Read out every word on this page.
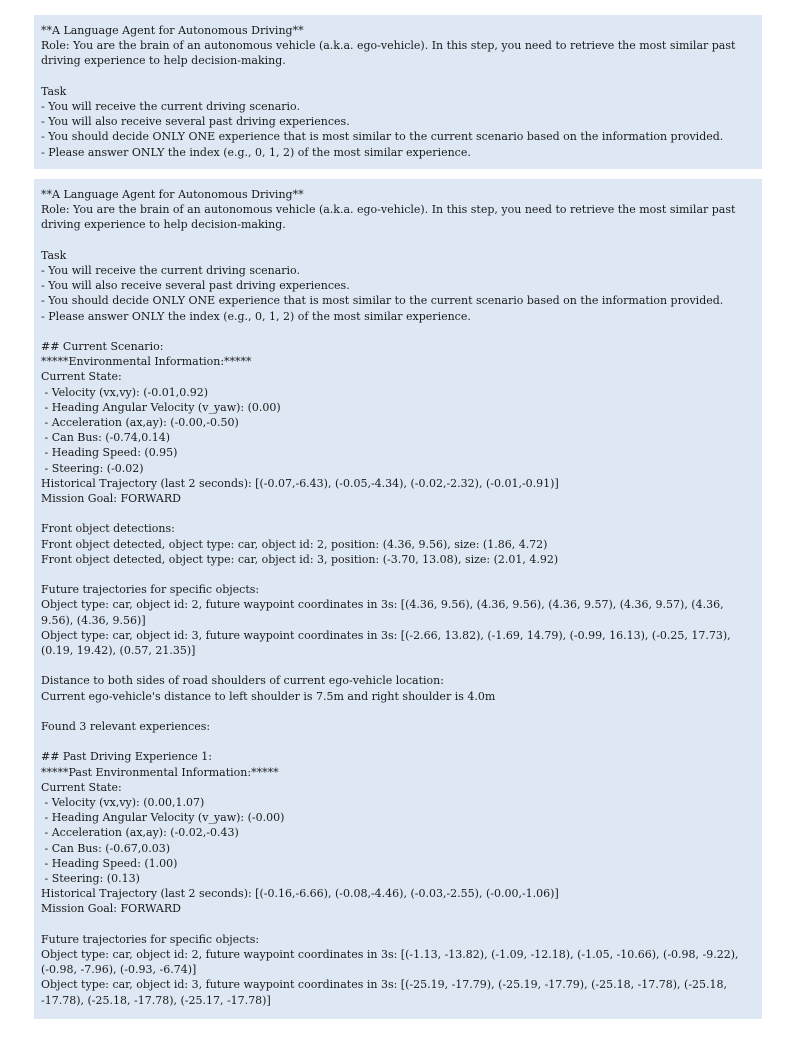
**A Language Agent for Autonomous Driving**
Role: You are the brain of an autonomous vehicle (a.k.a. ego-vehicle). In this step, you need to retrieve the most similar past driving experience to help decision-making.
Task
- You will receive the current driving scenario.
- You will also receive several past driving experiences.
- You should decide ONLY ONE experience that is most similar to the current scenario based on the information provided.
- Please answer ONLY the index (e.g., 0, 1, 2) of the most similar experience.
**A Language Agent for Autonomous Driving**
Role: You are the brain of an autonomous vehicle (a.k.a. ego-vehicle). In this step, you need to retrieve the most similar past driving experience to help decision-making.
Task
- You will receive the current driving scenario.
- You will also receive several past driving experiences.
- You should decide ONLY ONE experience that is most similar to the current scenario based on the information provided.
- Please answer ONLY the index (e.g., 0, 1, 2) of the most similar experience.
## Current Scenario:
*****Environmental Information:*****
Current State:
- Velocity (vx,vy): (-0.01,0.92)
- Heading Angular Velocity (v_yaw): (0.00)
- Acceleration (ax,ay): (-0.00,-0.50)
- Can Bus: (-0.74,0.14)
- Heading Speed: (0.95)
- Steering: (-0.02)
Historical Trajectory (last 2 seconds): [(-0.07,-6.43), (-0.05,-4.34), (-0.02,-2.32), (-0.01,-0.91)]
Mission Goal: FORWARD
Front object detections:
Front object detected, object type: car, object id: 2, position: (4.36, 9.56), size: (1.86, 4.72)
Front object detected, object type: car, object id: 3, position: (-3.70, 13.08), size: (2.01, 4.92)
Future trajectories for specific objects:
Object type: car, object id: 2, future waypoint coordinates in 3s: [(4.36, 9.56), (4.36, 9.56), (4.36, 9.57), (4.36, 9.57), (4.36, 9.56), (4.36, 9.56)]
Object type: car, object id: 3, future waypoint coordinates in 3s: [(-2.66, 13.82), (-1.69, 14.79), (-0.99, 16.13), (-0.25, 17.73), (0.19, 19.42), (0.57, 21.35)]
Distance to both sides of road shoulders of current ego-vehicle location:
Current ego-vehicle's distance to left shoulder is 7.5m and right shoulder is 4.0m
Found 3 relevant experiences:
## Past Driving Experience 1:
*****Past Environmental Information:*****
Current State:
- Velocity (vx,vy): (0.00,1.07)
- Heading Angular Velocity (v_yaw): (-0.00)
- Acceleration (ax,ay): (-0.02,-0.43)
- Can Bus: (-0.67,0.03)
- Heading Speed: (1.00)
- Steering: (0.13)
Historical Trajectory (last 2 seconds): [(-0.16,-6.66), (-0.08,-4.46), (-0.03,-2.55), (-0.00,-1.06)]
Mission Goal: FORWARD
Future trajectories for specific objects:
Object type: car, object id: 2, future waypoint coordinates in 3s: [(-1.13, -13.82), (-1.09, -12.18), (-1.05, -10.66), (-0.98, -9.22), (-0.98, -7.96), (-0.93, -6.74)]
Object type: car, object id: 3, future waypoint coordinates in 3s: [(-25.19, -17.79), (-25.19, -17.79), (-25.18, -17.78), (-25.18, -17.78), (-25.18, -17.78), (-25.17, -17.78)]
